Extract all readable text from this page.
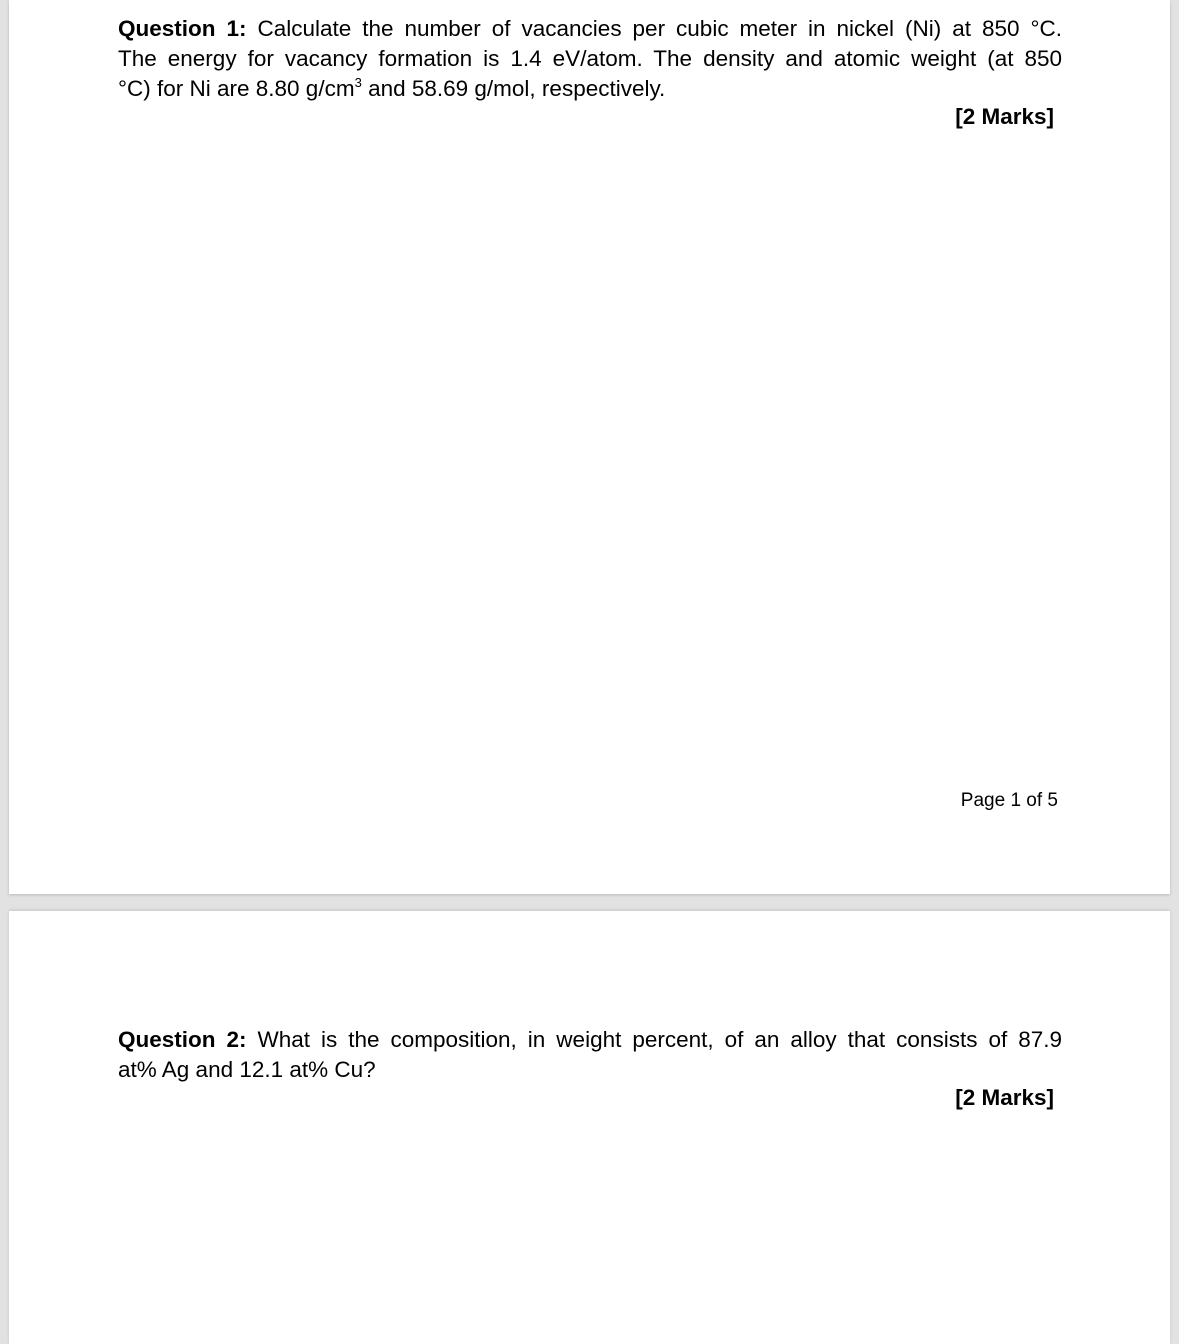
Question 1: Calculate the number of vacancies per cubic meter in nickel (Ni) at 850 °C.
The energy for vacancy formation is 1.4 eV/atom. The density and atomic weight (at 850
°C) for Ni are 8.80 $g/cm^3$ and 58.69 g/mol, respectively.
[2 Marks]
Page 1 of 5
Question 2: What is the composition, in weight percent, of an alloy that consists of 87.9
at% Ag and 12.1 at% Cu?
[2 Marks]
